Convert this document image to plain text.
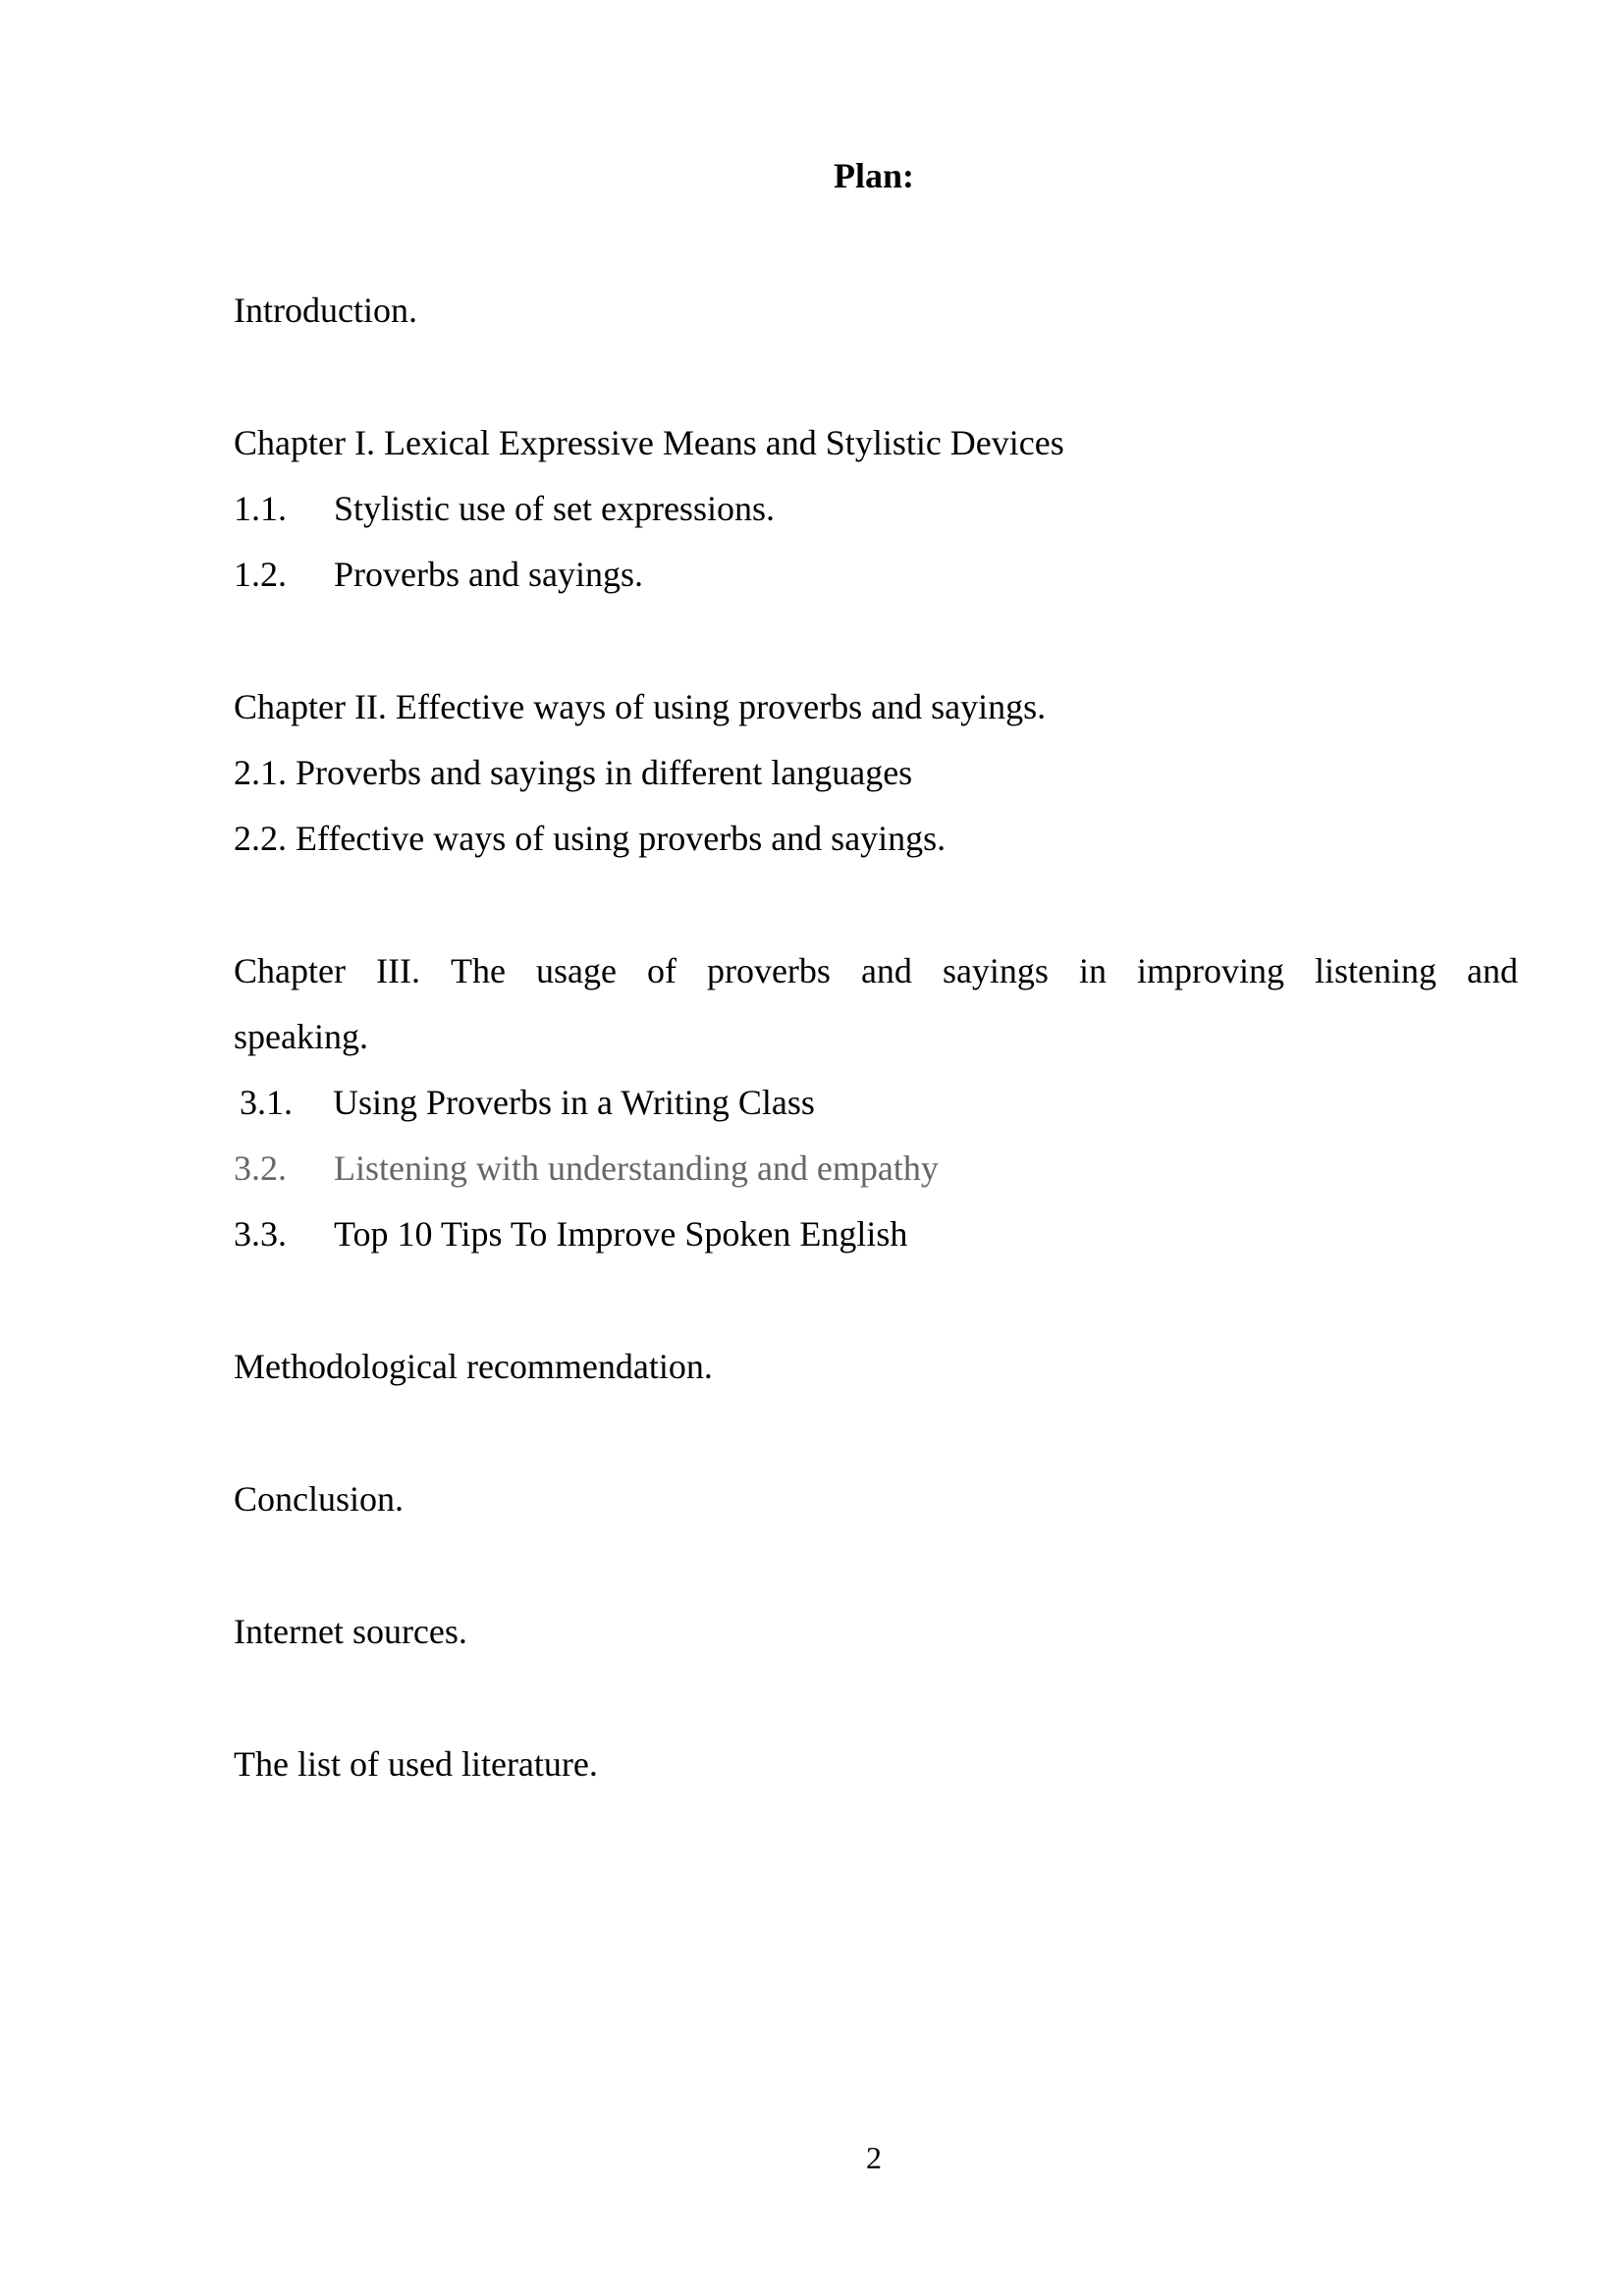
Plan:
Introduction.
Chapter I. Lexical Expressive Means and Stylistic Devices
1.1. Stylistic use of set expressions.
1.2. Proverbs and sayings.
Chapter II. Effective ways of using proverbs and sayings.
2.1. Proverbs and sayings in different languages
2.2. Effective ways of using proverbs and sayings.
Chapter III. The usage of proverbs and sayings in improving listening and
speaking.
3.1. Using Proverbs in a Writing Class
3.2. Listening with understanding and empathy
3.3. Top 10 Tips To Improve Spoken English
Methodological recommendation.
Conclusion.
Internet sources.
The list of used literature.
2
